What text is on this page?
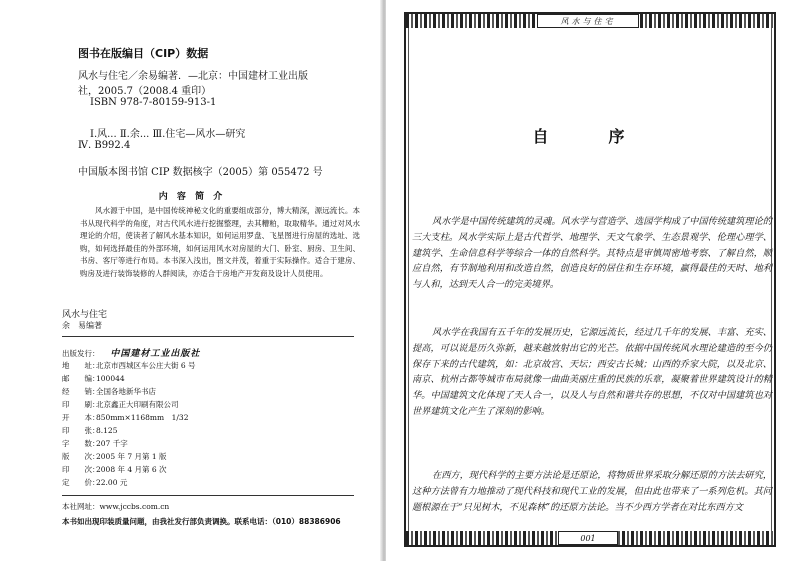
图书在版编目（CIP）数据
风水与住宅／余易编著．—北京：中国建材工业出版
社，2005.7（2008.4 重印）
ISBN 978-7-80159-913-1
Ⅰ.风... Ⅱ.余... Ⅲ.住宅—风水—研究
Ⅳ. B992.4
中国版本图书馆 CIP 数据核字（2005）第 055472 号
内 容 简 介

风水源于中国，是中国传统神秘文化的重要组成部分，博大精深，源远流长。本书从现代科学的角度，对古代风水进行挖掘整理，去其糟粕，取取精华。通过对风水理论的介绍，使读者了解风水基本知识，如何运用罗盘、飞星图进行房屋的选址、选购，如何选择最佳的外部环境，如何运用风水对房屋的大门、卧室、厨房、卫生间、书房、客厅等进行布局。本书深入浅出，图文并茂，着重于实际操作。适合于建房、购房及进行装饰装修的人群阅读，亦适合于房地产开发商及设计人员使用。

风水与住宅
余　易编著
出版发行： 中国建材工业出版社
地　　址：北京市西城区车公庄大街 6 号
邮　　编：100044
经　　销：全国各地新华书店
印　　刷：北京鑫正大印刷有限公司
开　　本：850mm×1168mm　1/32
印　　张：8.125
字　　数：207 千字
版　　次：2005 年 7 月第 1 版
印　　次：2008 年 4 月第 6 次
定　　价：22.00 元
本社网址：www.jccbs.com.cn
本书如出现印装质量问题，由我社发行部负责调换。联系电话：（010）88386906
风水与住宅
001
自　序

风水学是中国传统建筑的灵魂。风水学与营造学、选园学构成了中国传统建筑理论的三大支柱。风水学实际上是古代哲学、地理学、天文气象学、生态景观学、伦理心理学、建筑学、生命信息科学等综合一体的自然科学。其特点是审慎周密地考察、了解自然，顺应自然，有节制地利用和改造自然，创造良好的居住和生存环境，赢得最佳的天时、地利与人和，达到天人合一的完美境界。

风水学在我国有五千年的发展历史，它源远流长，经过几千年的发展、丰富、充实、提高，可以说是历久弥新，越来越放射出它的光芒。依据中国传统风水理论建造的至今仍保存下来的古代建筑，如：北京故宫、天坛；西安古长城；山西的乔家大院，以及北京、南京、杭州古都等城市布局就像一曲曲美丽庄重的民族的乐章，凝聚着世界建筑设计的精华。中国建筑文化体现了天人合一，以及人与自然和谐共存的思想，不仅对中国建筑也对世界建筑文化产生了深刻的影响。

在西方，现代科学的主要方法论是还原论，将物质世界采取分解还原的方法去研究，这种方法曾有力地推动了现代科技和现代工业的发展，但由此也带来了一系列危机。其问题根源在于“只见树木，不见森林”的还原方法论。当不少西方学者在对比东西方文
